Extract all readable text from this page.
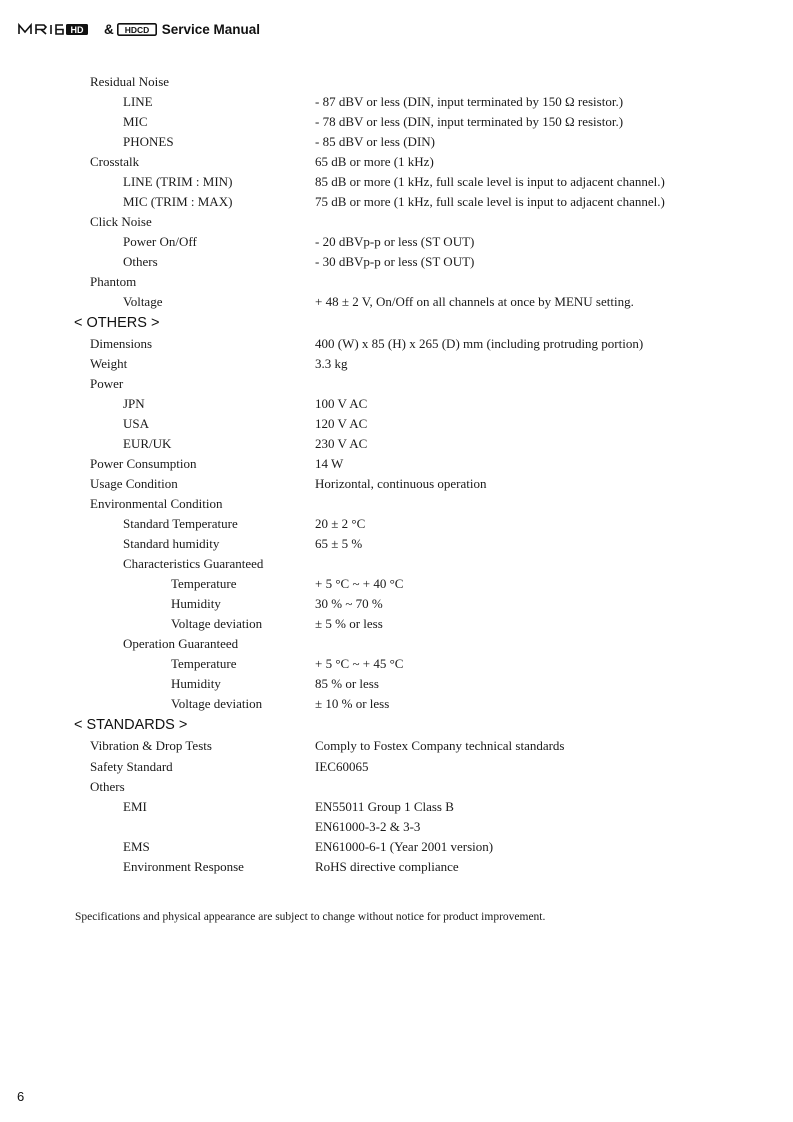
HD & HDCD Service Manual
Residual Noise
LINE	- 87 dBV or less (DIN, input terminated by 150 Ω resistor.)
MIC	- 78 dBV or less (DIN, input terminated by 150 Ω resistor.)
PHONES	- 85 dBV or less (DIN)
Crosstalk	65 dB or more (1 kHz)
LINE (TRIM : MIN)	85 dB or more (1 kHz, full scale level is input to adjacent channel.)
MIC (TRIM : MAX)	75 dB or more (1 kHz, full scale level is input to adjacent channel.)
Click Noise
Power On/Off	- 20 dBVp-p or less (ST OUT)
Others	- 30 dBVp-p or less (ST OUT)
Phantom
Voltage	+ 48 ± 2 V, On/Off on all channels at once by MENU setting.
< OTHERS >
Dimensions	400 (W) x 85 (H) x 265 (D) mm (including protruding portion)
Weight	3.3 kg
Power
JPN	100 V AC
USA	120 V AC
EUR/UK	230 V AC
Power Consumption	14 W
Usage Condition	Horizontal, continuous operation
Environmental Condition
Standard Temperature	20 ± 2 °C
Standard humidity	65 ± 5 %
Characteristics Guaranteed
Temperature	+ 5 °C ~ + 40 °C
Humidity	30 % ~ 70 %
Voltage deviation	± 5 % or less
Operation Guaranteed
Temperature	+ 5 °C ~ + 45 °C
Humidity	85 % or less
Voltage deviation	± 10 % or less
< STANDARDS >
Vibration & Drop Tests	Comply to Fostex Company technical standards
Safety Standard	IEC60065
Others
EMI	EN55011 Group 1 Class B
EN61000-3-2 & 3-3
EMS	EN61000-6-1 (Year 2001 version)
Environment Response	RoHS directive compliance
Specifications and physical appearance are subject to change without notice for product improvement.
6
